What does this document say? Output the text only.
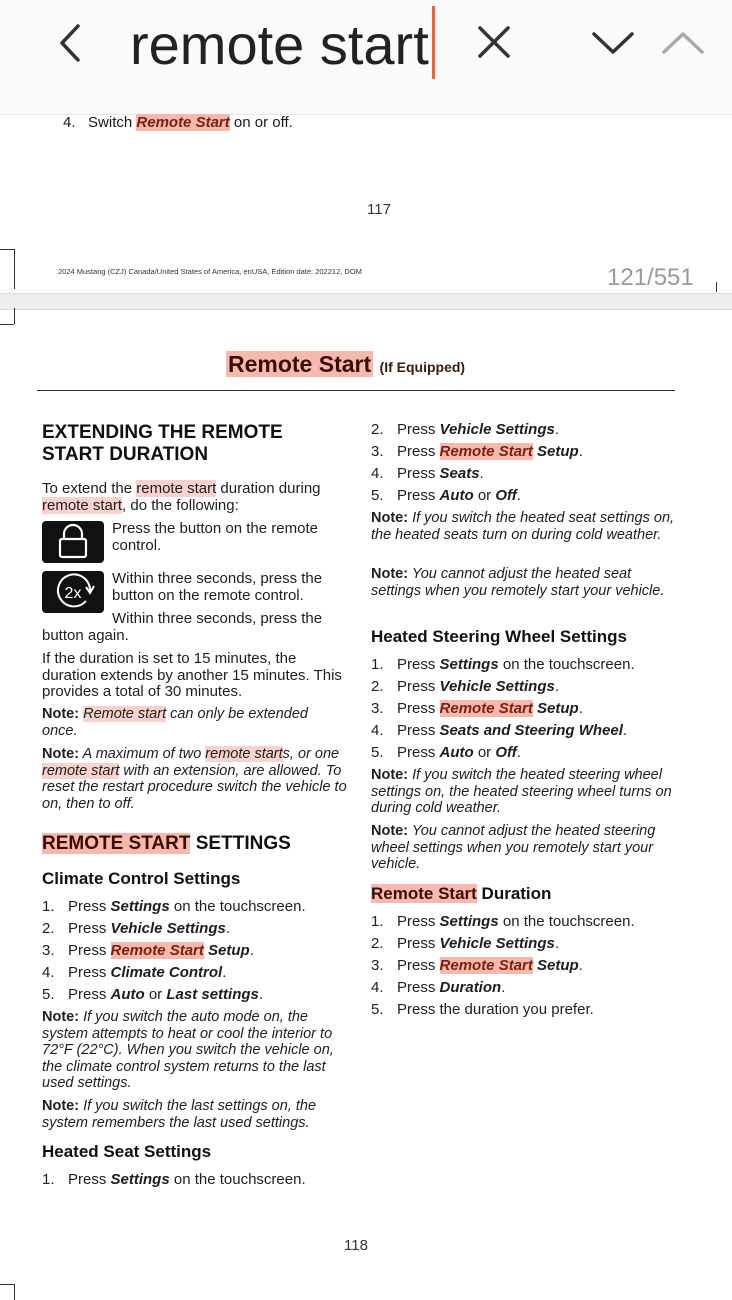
remote start
4. Switch Remote Start on or off.
117
2024 Mustang (CZJ) Canada/United States of America, enUSA, Edition date: 202212, DOM	121/551
Remote Start (If Equipped)
EXTENDING THE REMOTE START DURATION
To extend the remote start duration during remote start, do the following:
Press the button on the remote control.
2x
Within three seconds, press the button on the remote control.
Within three seconds, press the button again.
If the duration is set to 15 minutes, the duration extends by another 15 minutes. This provides a total of 30 minutes.
Note: Remote start can only be extended once.
Note: A maximum of two remote starts, or one remote start with an extension, are allowed. To reset the restart procedure switch the vehicle to on, then to off.
REMOTE START SETTINGS
Climate Control Settings
1. Press Settings on the touchscreen.
2. Press Vehicle Settings.
3. Press Remote Start Setup.
4. Press Climate Control.
5. Press Auto or Last settings.
Note: If you switch the auto mode on, the system attempts to heat or cool the interior to 72°F (22°C). When you switch the vehicle on, the climate control system returns to the last used settings.
Note: If you switch the last settings on, the system remembers the last used settings.
Heated Seat Settings
1. Press Settings on the touchscreen.
2. Press Vehicle Settings.
3. Press Remote Start Setup.
4. Press Seats.
5. Press Auto or Off.
Note: If you switch the heated seat settings on, the heated seats turn on during cold weather.
Note: You cannot adjust the heated seat settings when you remotely start your vehicle.
Heated Steering Wheel Settings
1. Press Settings on the touchscreen.
2. Press Vehicle Settings.
3. Press Remote Start Setup.
4. Press Seats and Steering Wheel.
5. Press Auto or Off.
Note: If you switch the heated steering wheel settings on, the heated steering wheel turns on during cold weather.
Note: You cannot adjust the heated steering wheel settings when you remotely start your vehicle.
Remote Start Duration
1. Press Settings on the touchscreen.
2. Press Vehicle Settings.
3. Press Remote Start Setup.
4. Press Duration.
5. Press the duration you prefer.
118
